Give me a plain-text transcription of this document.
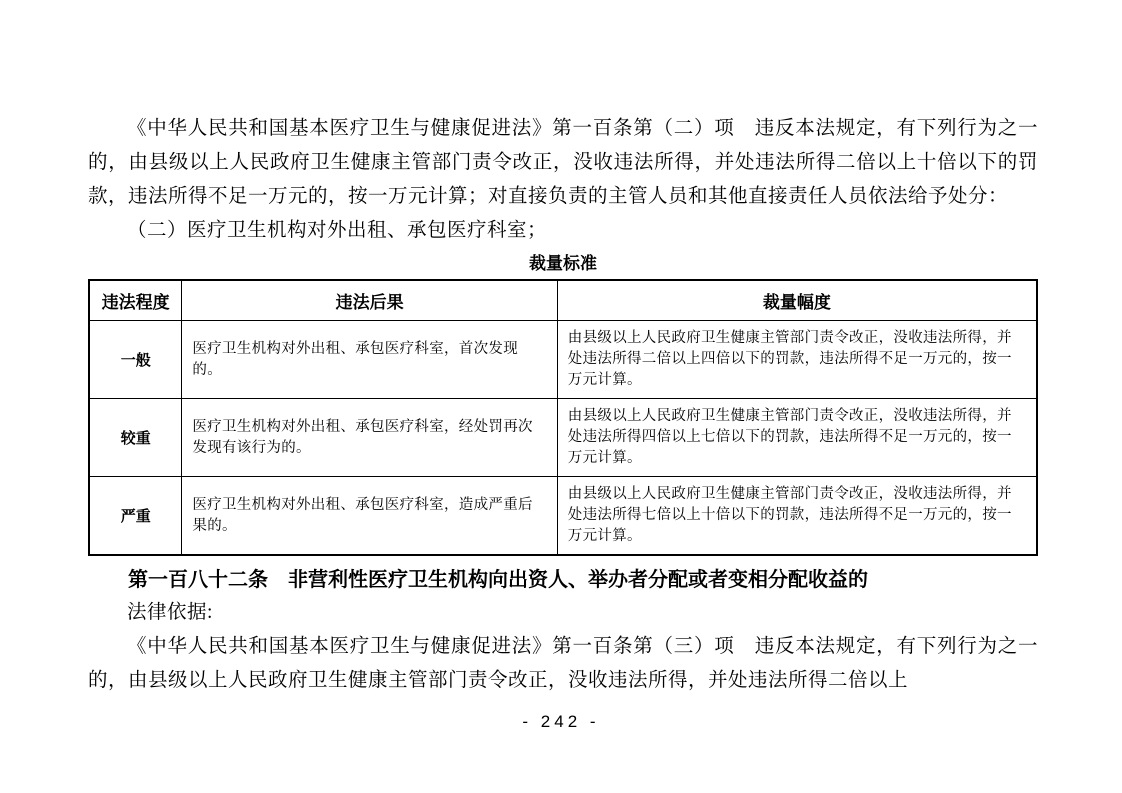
《中华人民共和国基本医疗卫生与健康促进法》第一百条第（二）项　违反本法规定，有下列行为之一的，由县级以上人民政府卫生健康主管部门责令改正，没收违法所得，并处违法所得二倍以上十倍以下的罚款，违法所得不足一万元的，按一万元计算；对直接负责的主管人员和其他直接责任人员依法给予处分：

（二）医疗卫生机构对外出租、承包医疗科室；

裁量标准
违法程度	违法后果	裁量幅度
一般	医疗卫生机构对外出租、承包医疗科室，首次发现的。	由县级以上人民政府卫生健康主管部门责令改正，没收违法所得，并处违法所得二倍以上四倍以下的罚款，违法所得不足一万元的，按一万元计算。
较重	医疗卫生机构对外出租、承包医疗科室，经处罚再次发现有该行为的。	由县级以上人民政府卫生健康主管部门责令改正，没收违法所得，并处违法所得四倍以上七倍以下的罚款，违法所得不足一万元的，按一万元计算。
严重	医疗卫生机构对外出租、承包医疗科室，造成严重后果的。	由县级以上人民政府卫生健康主管部门责令改正，没收违法所得，并处违法所得七倍以上十倍以下的罚款，违法所得不足一万元的，按一万元计算。

第一百八十二条　非营利性医疗卫生机构向出资人、举办者分配或者变相分配收益的

法律依据:

《中华人民共和国基本医疗卫生与健康促进法》第一百条第（三）项　违反本法规定，有下列行为之一的，由县级以上人民政府卫生健康主管部门责令改正，没收违法所得，并处违法所得二倍以上

- 242 -
